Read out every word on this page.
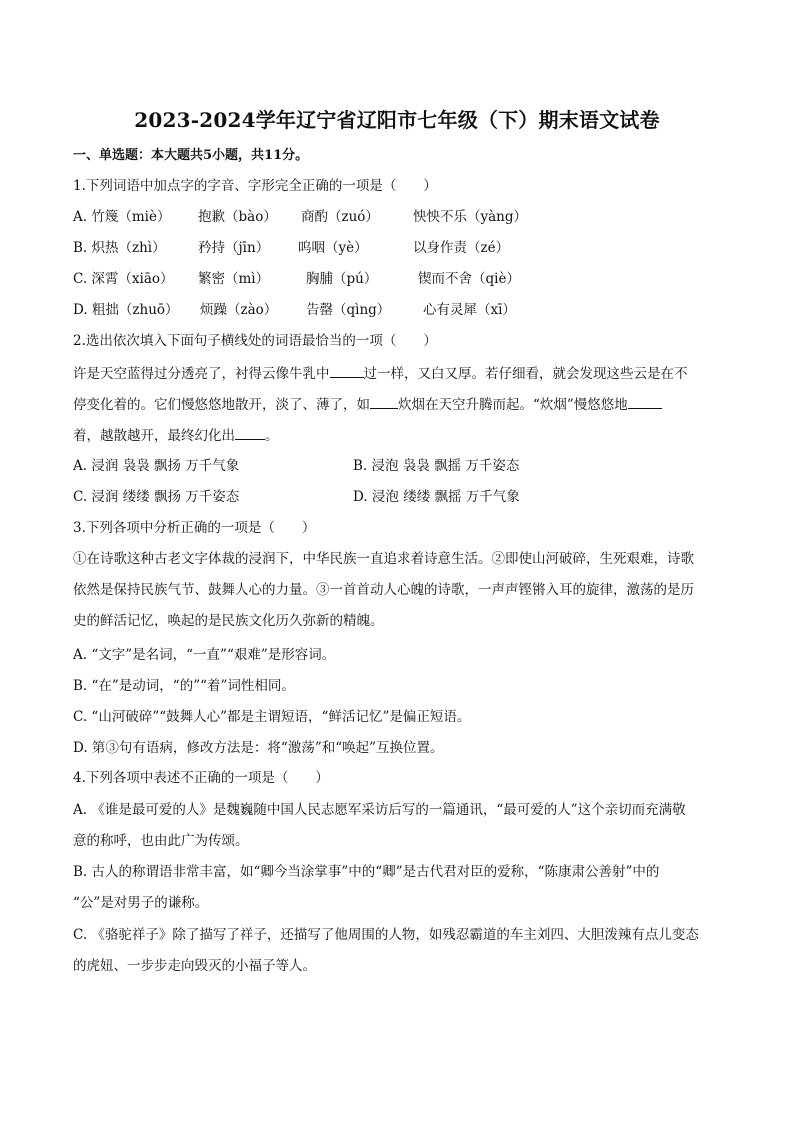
2023-2024学年辽宁省辽阳市七年级（下）期末语文试卷
一、单选题：本大题共5小题，共11分。
1.下列词语中加点字的字音、字形完全正确的一项是（　　）
A. 竹篾（miè） 抱歉（bào） 商酌（zuó）	怏怏不乐（yàng）
B. 炽热（zhì） 矜持（jīn） 呜咽（yè）	以身作责（zé）
C. 深霄（xiāo） 繁密（mì）	胸脯（pú）	锲而不舍（qiè）
D. 粗拙（zhuō） 烦躁（zào） 告罄（qìng） 心有灵犀（xī）
2.选出依次填入下面句子横线处的词语最恰当的一项（　　）
许是天空蓝得过分透亮了，衬得云像牛乳中	过一样，又白又厚。若仔细看，就会发现这些云是在不
停变化着的。它们慢悠悠地散开，淡了、薄了，如 炊烟在天空升腾而起。“炊烟”慢悠悠地
着，越散越开，最终幻化出 。
A. 浸润 袅袅 飘扬 万千气象	B. 浸泡 袅袅 飘摇 万千姿态
C. 浸润 缕缕 飘扬 万千姿态	D. 浸泡 缕缕 飘摇 万千气象
3.下列各项中分析正确的一项是（　　）
①在诗歌这种古老文字体裁的浸润下，中华民族一直追求着诗意生活。②即使山河破碎，生死艰难，诗歌
依然是保持民族气节、鼓舞人心的力量。③一首首动人心魄的诗歌，一声声铿锵入耳的旋律，激荡的是历
史的鲜活记忆，唤起的是民族文化历久弥新的精魄。
A. “文字”是名词，“一直”“艰难”是形容词。
B. “在”是动词，“的”“着”词性相同。
C. “山河破碎”“鼓舞人心”都是主谓短语，“鲜活记忆”是偏正短语。
D. 第③句有语病，修改方法是：将“激荡”和“唤起”互换位置。
4.下列各项中表述不正确的一项是（　　）
A. 《谁是最可爱的人》是魏巍随中国人民志愿军采访后写的一篇通讯，“最可爱的人”这个亲切而充满敬
意的称呼，也由此广为传颂。
B. 古人的称谓语非常丰富，如“卿今当涂掌事”中的“卿”是古代君对臣的爱称，“陈康肃公善射”中的
“公”是对男子的谦称。
C. 《骆驼祥子》除了描写了祥子，还描写了他周围的人物，如残忍霸道的车主刘四、大胆泼辣有点儿变态
的虎妞、一步步走向毁灭的小福子等人。
